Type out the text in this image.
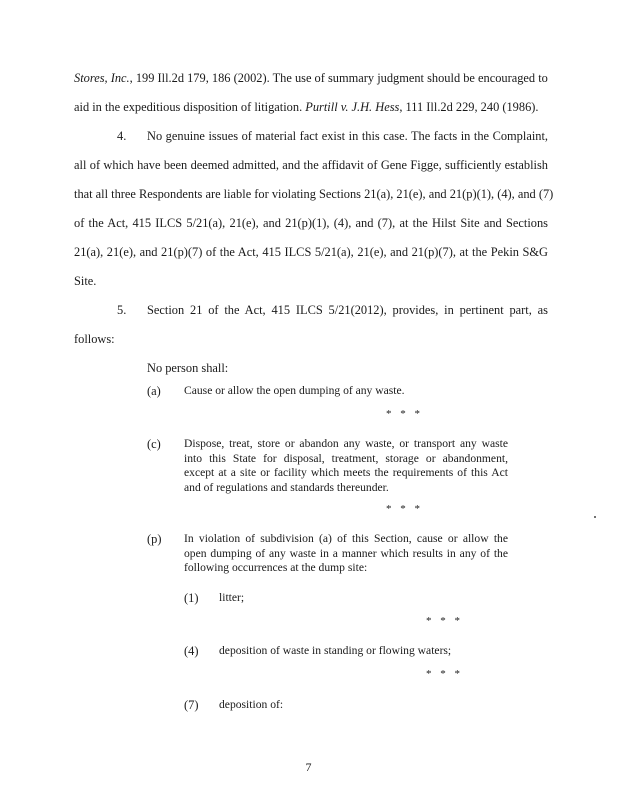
Stores, Inc., 199 Ill.2d 179, 186 (2002). The use of summary judgment should be encouraged to
aid in the expeditious disposition of litigation. Purtill v. J.H. Hess, 111 Ill.2d 229, 240 (1986).
4. No genuine issues of material fact exist in this case. The facts in the Complaint,
all of which have been deemed admitted, and the affidavit of Gene Figge, sufficiently establish
that all three Respondents are liable for violating Sections 21(a), 21(e), and 21(p)(1), (4), and (7)
of the Act, 415 ILCS 5/21(a), 21(e), and 21(p)(1), (4), and (7), at the Hilst Site and Sections
21(a), 21(e), and 21(p)(7) of the Act, 415 ILCS 5/21(a), 21(e), and 21(p)(7), at the Pekin S&G
Site.
5. Section 21 of the Act, 415 ILCS 5/21(2012), provides, in pertinent part, as
follows:
No person shall:
(a) Cause or allow the open dumping of any waste.
* * *
(c) Dispose, treat, store or abandon any waste, or transport any waste
into this State for disposal, treatment, storage or abandonment,
except at a site or facility which meets the requirements of this Act
and of regulations and standards thereunder.
* * *
(p) In violation of subdivision (a) of this Section, cause or allow the
open dumping of any waste in a manner which results in any of the
following occurrences at the dump site:
(1) litter;
* * *
(4) deposition of waste in standing or flowing waters;
* * *
(7) deposition of:
7
